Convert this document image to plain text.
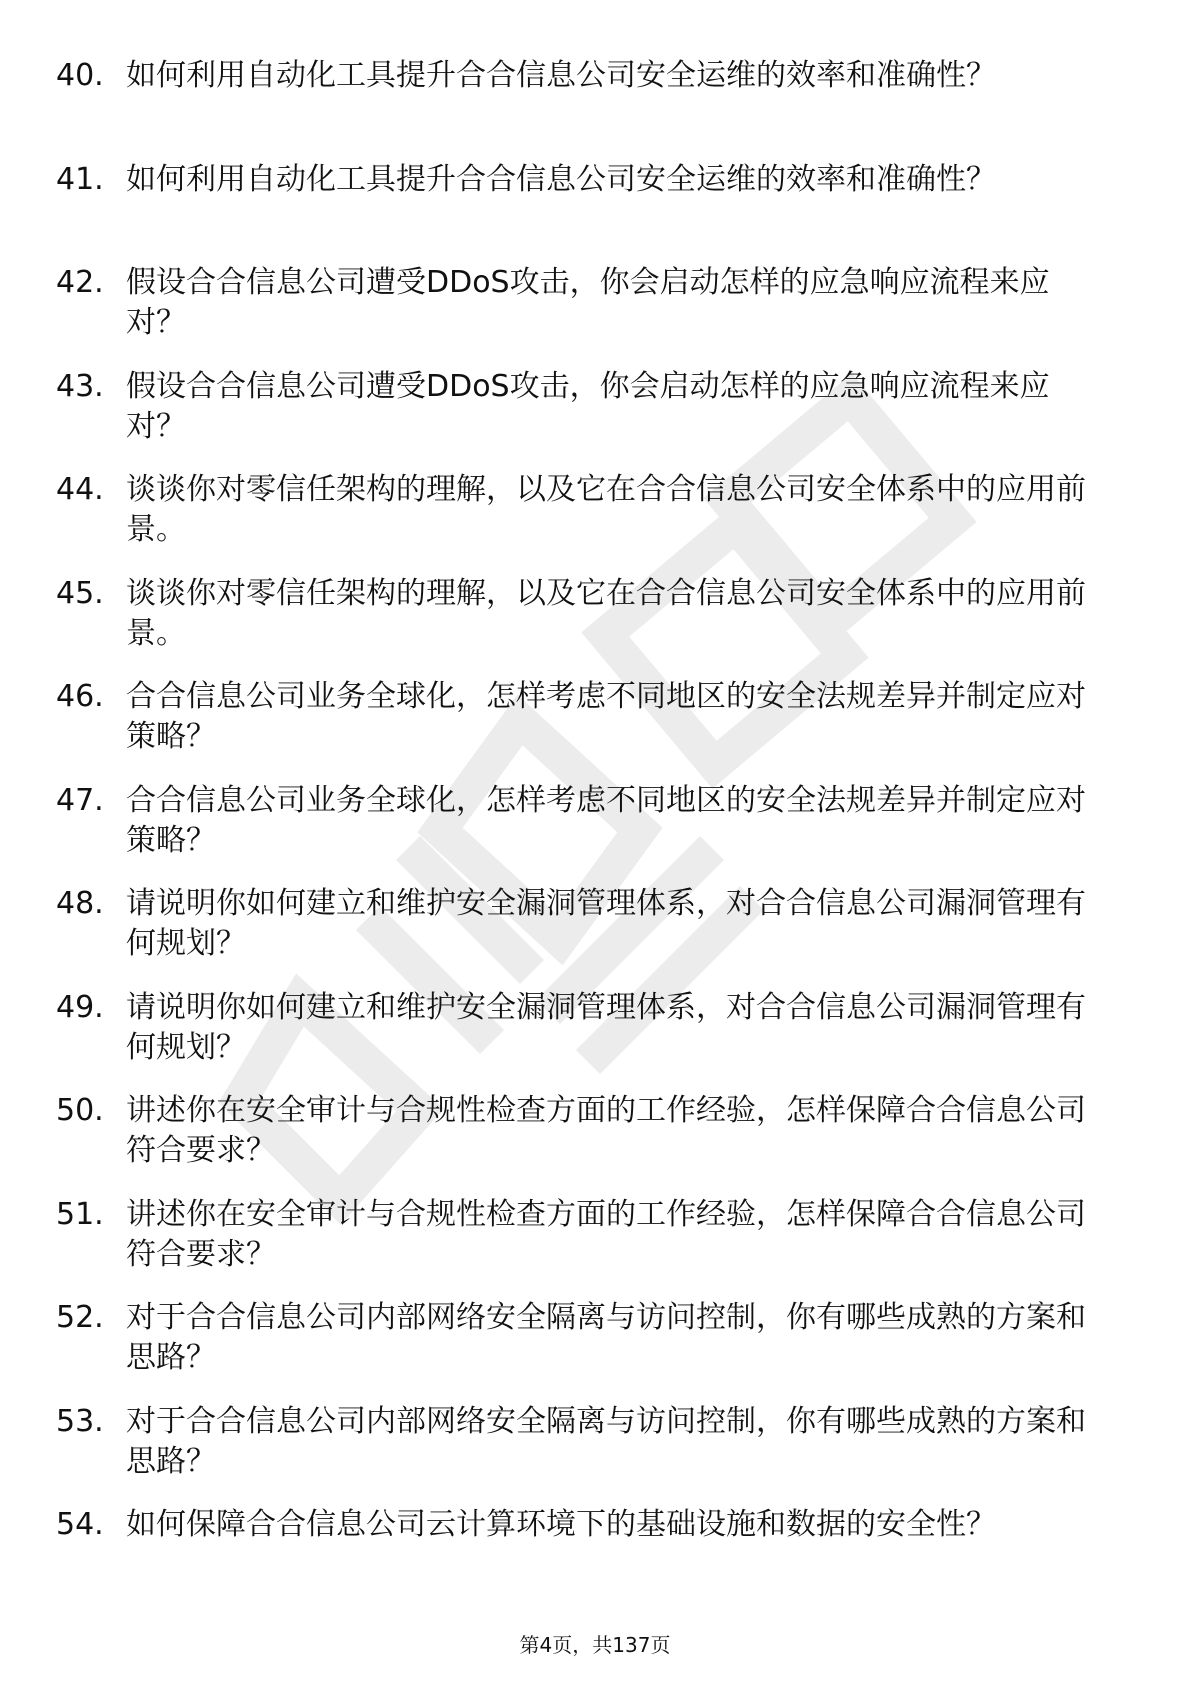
40. 如何利用自动化工具提升合合信息公司安全运维的效率和准确性？
41. 如何利用自动化工具提升合合信息公司安全运维的效率和准确性？
42. 假设合合信息公司遭受DDoS攻击，你会启动怎样的应急响应流程来应对？
43. 假设合合信息公司遭受DDoS攻击，你会启动怎样的应急响应流程来应对？
44. 谈谈你对零信任架构的理解，以及它在合合信息公司安全体系中的应用前景。
45. 谈谈你对零信任架构的理解，以及它在合合信息公司安全体系中的应用前景。
46. 合合信息公司业务全球化，怎样考虑不同地区的安全法规差异并制定应对策略？
47. 合合信息公司业务全球化，怎样考虑不同地区的安全法规差异并制定应对策略？
48. 请说明你如何建立和维护安全漏洞管理体系，对合合信息公司漏洞管理有何规划？
49. 请说明你如何建立和维护安全漏洞管理体系，对合合信息公司漏洞管理有何规划？
50. 讲述你在安全审计与合规性检查方面的工作经验，怎样保障合合信息公司符合要求？
51. 讲述你在安全审计与合规性检查方面的工作经验，怎样保障合合信息公司符合要求？
52. 对于合合信息公司内部网络安全隔离与访问控制，你有哪些成熟的方案和思路？
53. 对于合合信息公司内部网络安全隔离与访问控制，你有哪些成熟的方案和思路？
54. 如何保障合合信息公司云计算环境下的基础设施和数据的安全性？
第4页，共137页
